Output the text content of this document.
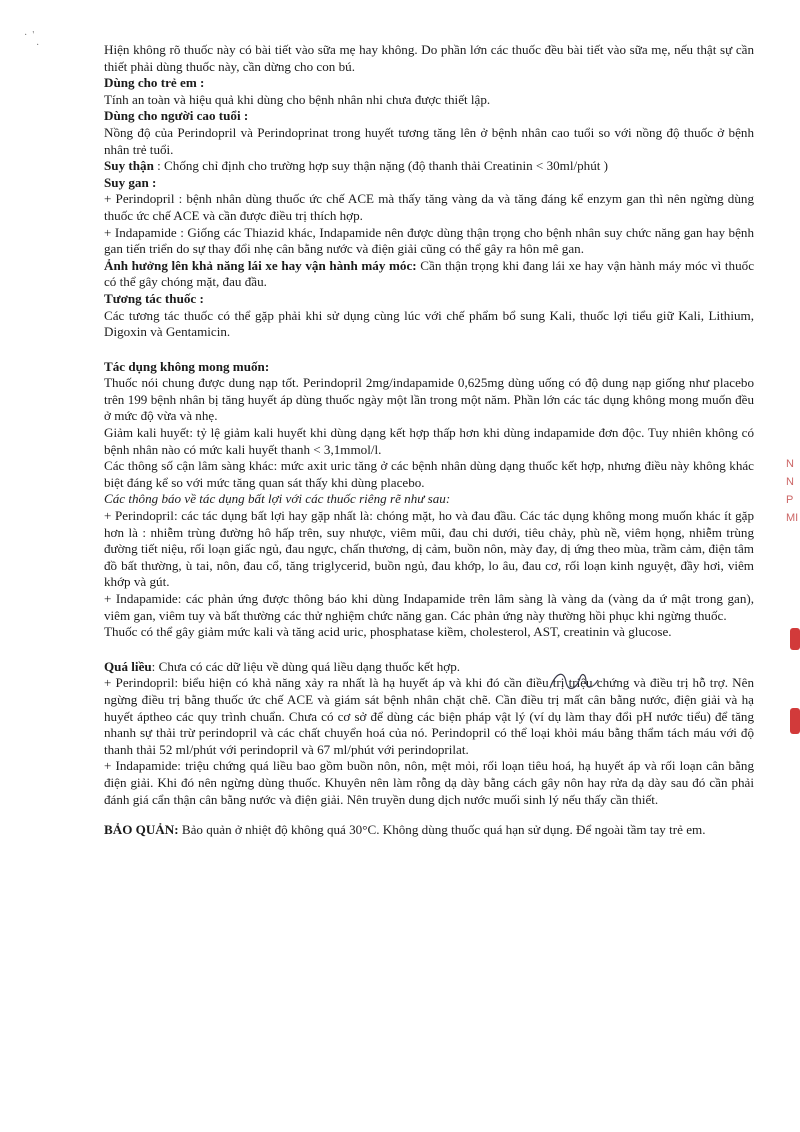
·  '
·	Hiện không rõ thuốc này có bài tiết vào sữa mẹ hay không. Do phần lớn các thuốc đều bài tiết vào sữa mẹ, nếu thật sự cần thiết phải dùng thuốc này, cần dừng cho con bú.

Dùng cho trẻ em :

Tính an toàn và hiệu quả khi dùng cho bệnh nhân nhi chưa được thiết lập.

Dùng cho người cao tuổi :

Nồng độ của Perindopril và Perindoprinat trong huyết tương tăng lên ở bệnh nhân cao tuổi so với nồng độ thuốc ở bệnh nhân trẻ tuổi.

Suy thận : Chống chỉ định cho trường hợp suy thận nặng (độ thanh thải Creatinin < 30ml/phút )

Suy gan :

+ Perindopril : bệnh nhân dùng thuốc ức chế ACE mà thấy tăng vàng da và tăng đáng kể enzym gan thì nên ngừng dùng thuốc ức chế ACE và cần được điều trị thích hợp.

+ Indapamide : Giống các Thiazid khác, Indapamide nên được dùng thận trọng cho bệnh nhân suy chức năng gan hay bệnh gan tiến triển do sự thay đổi nhẹ cân bằng nước và điện giải cũng có thể gây ra hôn mê gan.

Ảnh hưởng lên khả năng lái xe hay vận hành máy móc: Cần thận trọng khi đang lái xe hay vận hành máy móc vì thuốc có thể gây chóng mặt, đau đầu.

Tương tác thuốc :

Các tương tác thuốc có thể gặp phải khi sử dụng cùng lúc với chế phẩm bổ sung Kali, thuốc lợi tiểu giữ Kali, Lithium, Digoxin và Gentamicin.

Tác dụng không mong muốn:

Thuốc nói chung được dung nạp tốt. Perindopril 2mg/indapamide 0,625mg dùng uống có độ dung nạp giống như placebo trên 199 bệnh nhân bị tăng huyết áp dùng thuốc ngày một lần trong một năm. Phần lớn các tác dụng không mong muốn đều ở mức độ vừa và nhẹ.

Giảm kali huyết: tỷ lệ giảm kali huyết khi dùng dạng kết hợp thấp hơn khi dùng indapamide đơn độc. Tuy nhiên không có bệnh nhân nào có mức kali huyết thanh < 3,1mmol/l.

Các thông số cận lâm sàng khác: mức axit uric tăng ở các bệnh nhân dùng dạng thuốc kết hợp, nhưng điều này không khác biệt đáng kể so với mức tăng quan sát thấy khi dùng placebo.

Các thông báo về tác dụng bất lợi với các thuốc riêng rẽ như sau:

+ Perindopril: các tác dụng bất lợi hay gặp nhất là: chóng mặt, ho và đau đầu. Các tác dụng không mong muốn khác ít gặp hơn là : nhiễm trùng đường hô hấp trên, suy nhược, viêm mũi, đau chi dưới, tiêu chảy, phù nề, viêm họng, nhiễm trùng đường tiết niệu, rối loạn giấc ngủ, đau ngực, chấn thương, dị cảm, buồn nôn, mày đay, dị ứng theo mùa, trầm cảm, điện tâm đồ bất thường, ù tai, nôn, đau cổ, tăng triglycerid, buồn ngủ, đau khớp, lo âu, đau cơ, rối loạn kinh nguyệt, đầy hơi, viêm khớp và gút.

+ Indapamide: các phản ứng được thông báo khi dùng Indapamide trên lâm sàng là vàng da (vàng da ứ mật trong gan), viêm gan, viêm tuy và bất thường các thử nghiệm chức năng gan. Các phản ứng này thường hồi phục khi ngừng thuốc.

Thuốc có thể gây giảm mức kali và tăng acid uric, phosphatase kiềm, cholesterol, AST, creatinin và glucose.

Quá liều: Chưa có các dữ liệu về dùng quá liều dạng thuốc kết hợp.

+ Perindopril: biểu hiện có khả năng xảy ra nhất là hạ huyết áp và khi đó cần điều trị triệu chứng và điều trị hỗ trợ. Nên ngừng điều trị bằng thuốc ức chế ACE và giám sát bệnh nhân chặt chẽ. Cần điều trị mất cân bằng nước, điện giải và hạ huyết ápthеo các quy trình chuẩn. Chưa có cơ sở để dùng các biện pháp vật lý (ví dụ làm thay đổi pH nước tiểu) để tăng nhanh sự thải trừ perindopril và các chất chuyển hoá của nó. Perindopril có thể loại khỏi máu bằng thẩm tách máu với độ thanh thải 52 ml/phút với perindopril và 67 ml/phút với perindoprilat.

+ Indapamide: triệu chứng quá liều bao gồm buồn nôn, nôn, mệt mỏi, rối loạn tiêu hoá, hạ huyết áp và rối loạn cân bằng điện giải. Khi đó nên ngừng dùng thuốc. Khuyên nên làm rỗng dạ dày bằng cách gây nôn hay rửa dạ dày sau đó cần phải đánh giá cẩn thận cân bằng nước và điện giải. Nên truyền dung dịch nước muối sinh lý nếu thấy cần thiết.

BẢO QUẢN: Bảo quản ở nhiệt độ không quá 30°C. Không dùng thuốc quá hạn sử dụng. Để ngoài tầm tay trẻ em.

N
N
P
MI
